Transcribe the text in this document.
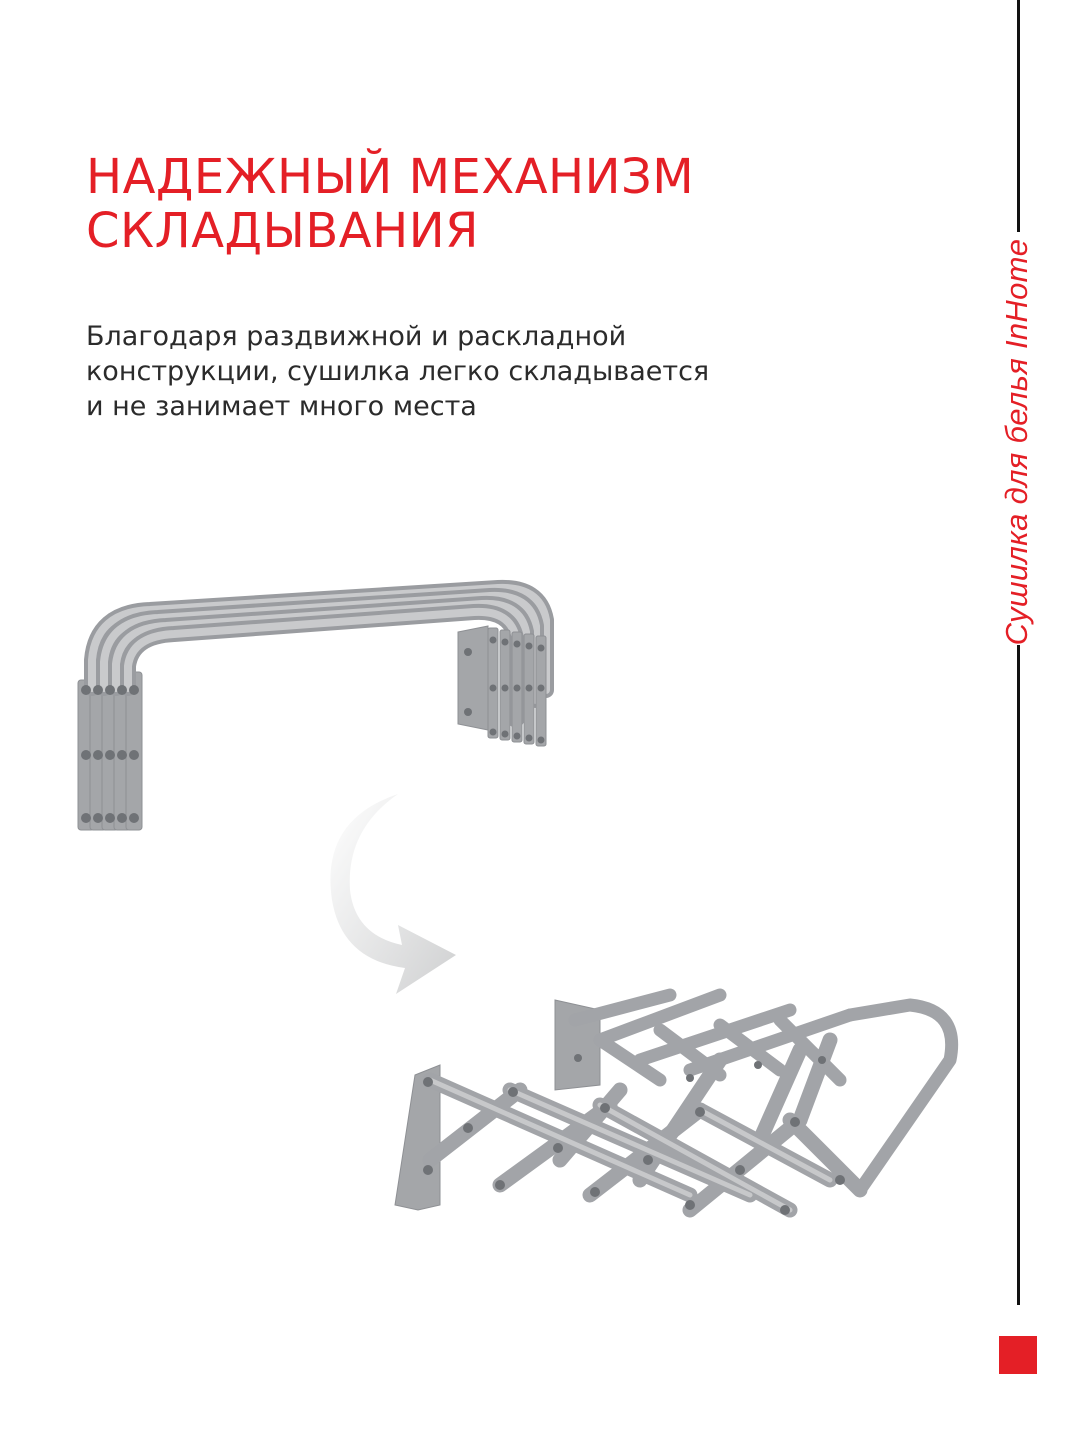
НАДЕЖНЫЙ МЕХАНИЗМ
СКЛАДЫВАНИЯ

Благодаря раздвижной и раскладной
конструкции, сушилка легко складывается
и не занимает много места	Сушилка для белья InHome
